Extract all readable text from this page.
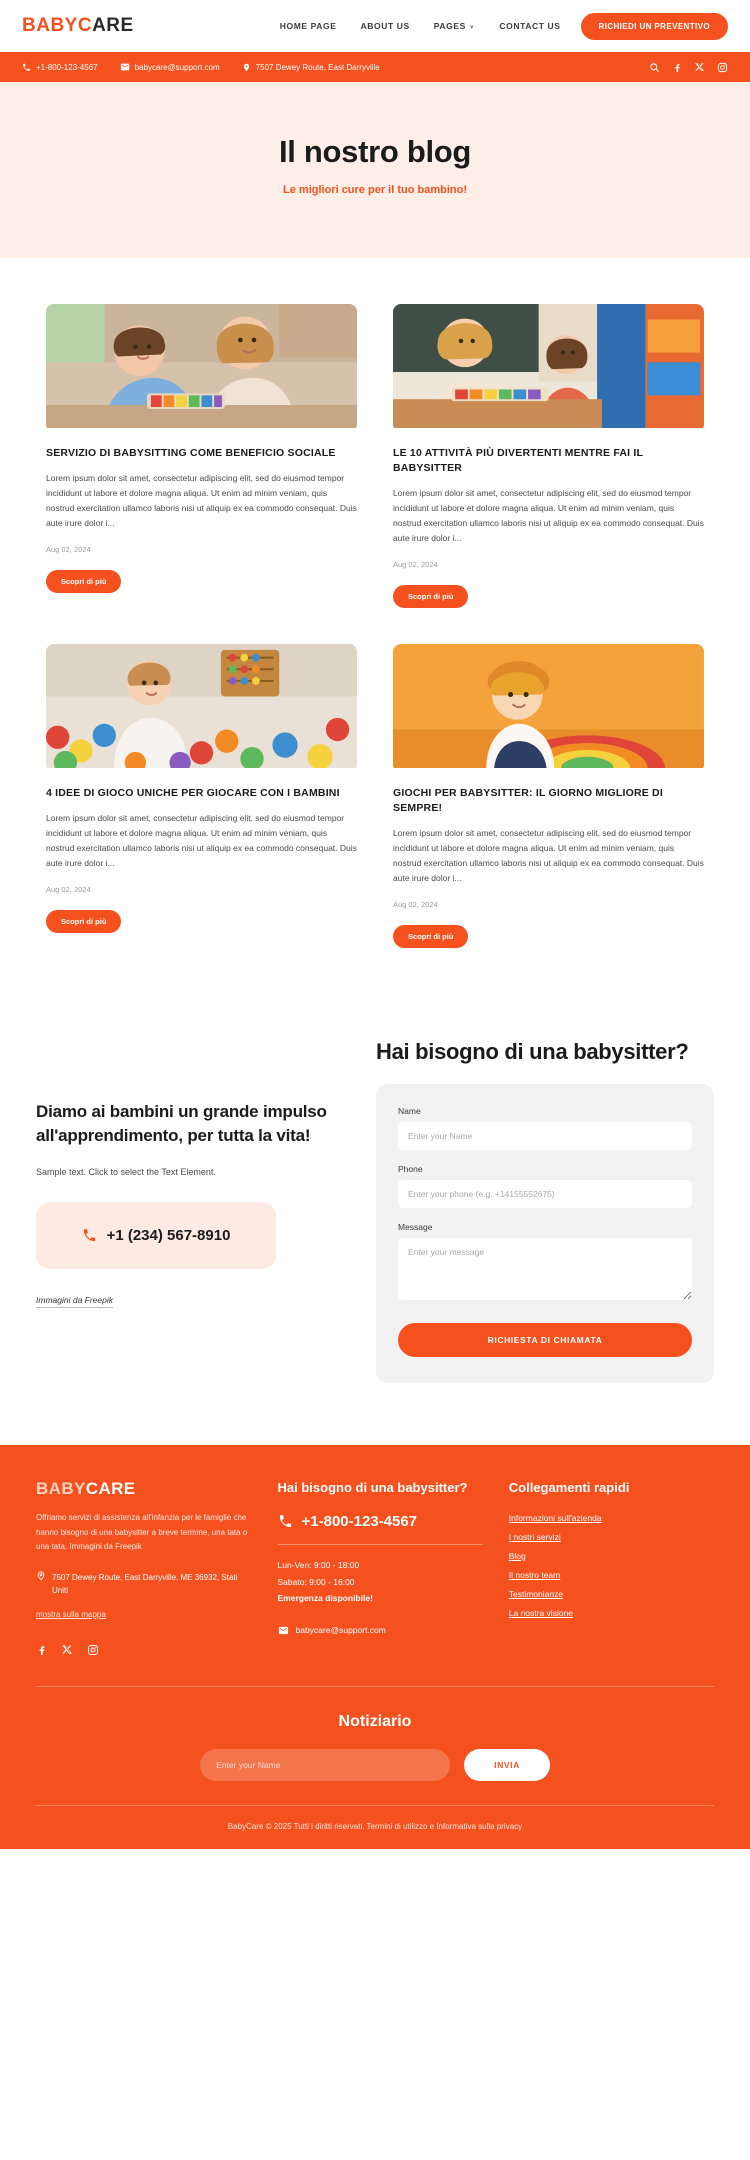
BABYCARE	HOME PAGE	ABOUT US	PAGES ▼	CONTACT US	RICHIEDI UN PREVENTIVO
+1-800-123-4567	babycare@support.com	7507 Dewey Route, East Darryville
Il nostro blog
Le migliori cure per il tuo bambino!
SERVIZIO DI BABYSITTING COME BENEFICIO SOCIALE

Lorem ipsum dolor sit amet, consectetur adipiscing elit, sed do eiusmod tempor incididunt ut labore et dolore magna aliqua. Ut enim ad minim veniam, quis nostrud exercitation ullamco laboris nisi ut aliquip ex ea commodo consequat. Duis aute irure dolor i...

Aug 02, 2024
Scopri di più
LE 10 ATTIVITÀ PIÙ DIVERTENTI MENTRE FAI IL BABYSITTER

Lorem ipsum dolor sit amet, consectetur adipiscing elit, sed do eiusmod tempor incididunt ut labore et dolore magna aliqua. Ut enim ad minim veniam, quis nostrud exercitation ullamco laboris nisi ut aliquip ex ea commodo consequat. Duis aute irure dolor i...

Aug 02, 2024
Scopri di più
4 IDEE DI GIOCO UNICHE PER GIOCARE CON I BAMBINI

Lorem ipsum dolor sit amet, consectetur adipiscing elit, sed do eiusmod tempor incididunt ut labore et dolore magna aliqua. Ut enim ad minim veniam, quis nostrud exercitation ullamco laboris nisi ut aliquip ex ea commodo consequat. Duis aute irure dolor i...

Aug 02, 2024
Scopri di più
GIOCHI PER BABYSITTER: IL GIORNO MIGLIORE DI SEMPRE!

Lorem ipsum dolor sit amet, consectetur adipiscing elit, sed do eiusmod tempor incididunt ut labore et dolore magna aliqua. Ut enim ad minim veniam, quis nostrud exercitation ullamco laboris nisi ut aliquip ex ea commodo consequat. Duis aute irure dolor i...

Aug 02, 2024
Scopri di più
Diamo ai bambini un grande impulso all'apprendimento, per tutta la vita!
Sample text. Click to select the Text Element.
+1 (234) 567-8910
Immagini da Freepik
Hai bisogno di una babysitter?
Name
Enter your Name
Phone
Enter your phone (e.g. +14155552675)
Message
Enter your message RICHIESTA DI CHIAMATA
BABYCARE

Offriamo servizi di assistenza all'infanzia per le famiglie che hanno bisogno di una babysitter a breve termine, una tata o una tata. Immagini da Freepik

7507 Dewey Route, East Darryville, ME 36932, Stati Uniti
mostra sulla mappa
Hai bisogno di una babysitter?
+1-800-123-4567
Lun-Ven: 9:00 - 18:00
Sabato: 9:00 - 16:00
Emergenza disponibile!
babycare@support.com
Collegamenti rapidi
Informazioni sull'azienda
I nostri servizi
Blog
Il nostro team
Testimonianze
La nostra visione
Notiziario
Enter your Name
INVIA
BabyCare © 2025 Tutti i diritti riservati. Termini di utilizzo e Informativa sulla privacy
